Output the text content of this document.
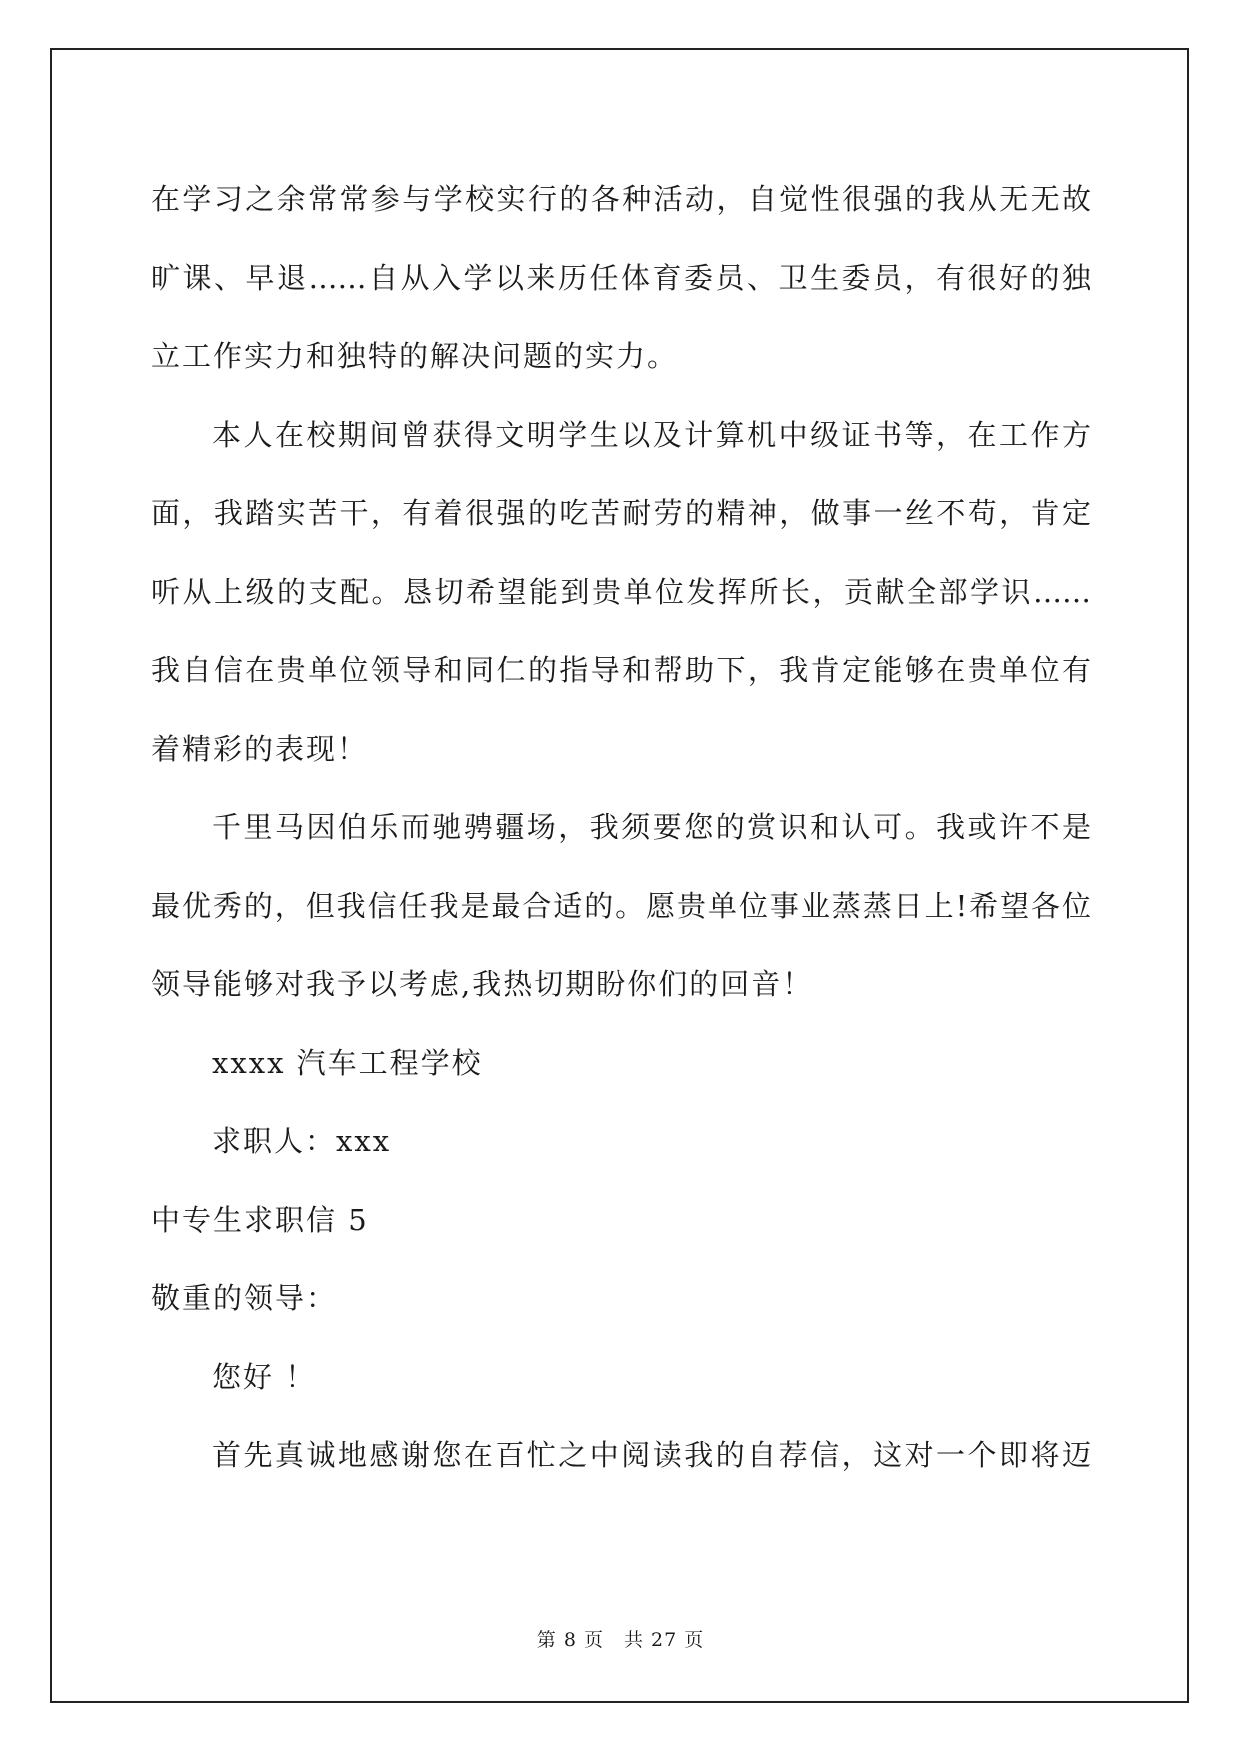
在学习之余常常参与学校实行的各种活动，自觉性很强的我从无无故
旷课、早退……自从入学以来历任体育委员、卫生委员，有很好的独
立工作实力和独特的解决问题的实力。
本人在校期间曾获得文明学生以及计算机中级证书等，在工作方
面，我踏实苦干，有着很强的吃苦耐劳的精神，做事一丝不苟，肯定
听从上级的支配。恳切希望能到贵单位发挥所长，贡献全部学识……
我自信在贵单位领导和同仁的指导和帮助下，我肯定能够在贵单位有
着精彩的表现！
千里马因伯乐而驰骋疆场，我须要您的赏识和认可。我或许不是
最优秀的，但我信任我是最合适的。愿贵单位事业蒸蒸日上!希望各位
领导能够对我予以考虑,我热切期盼你们的回音！
xxxx 汽车工程学校
求职人：xxx
中专生求职信 5
敬重的领导：
您好 ！
首先真诚地感谢您在百忙之中阅读我的自荐信，这对一个即将迈
第 8 页　共 27 页
